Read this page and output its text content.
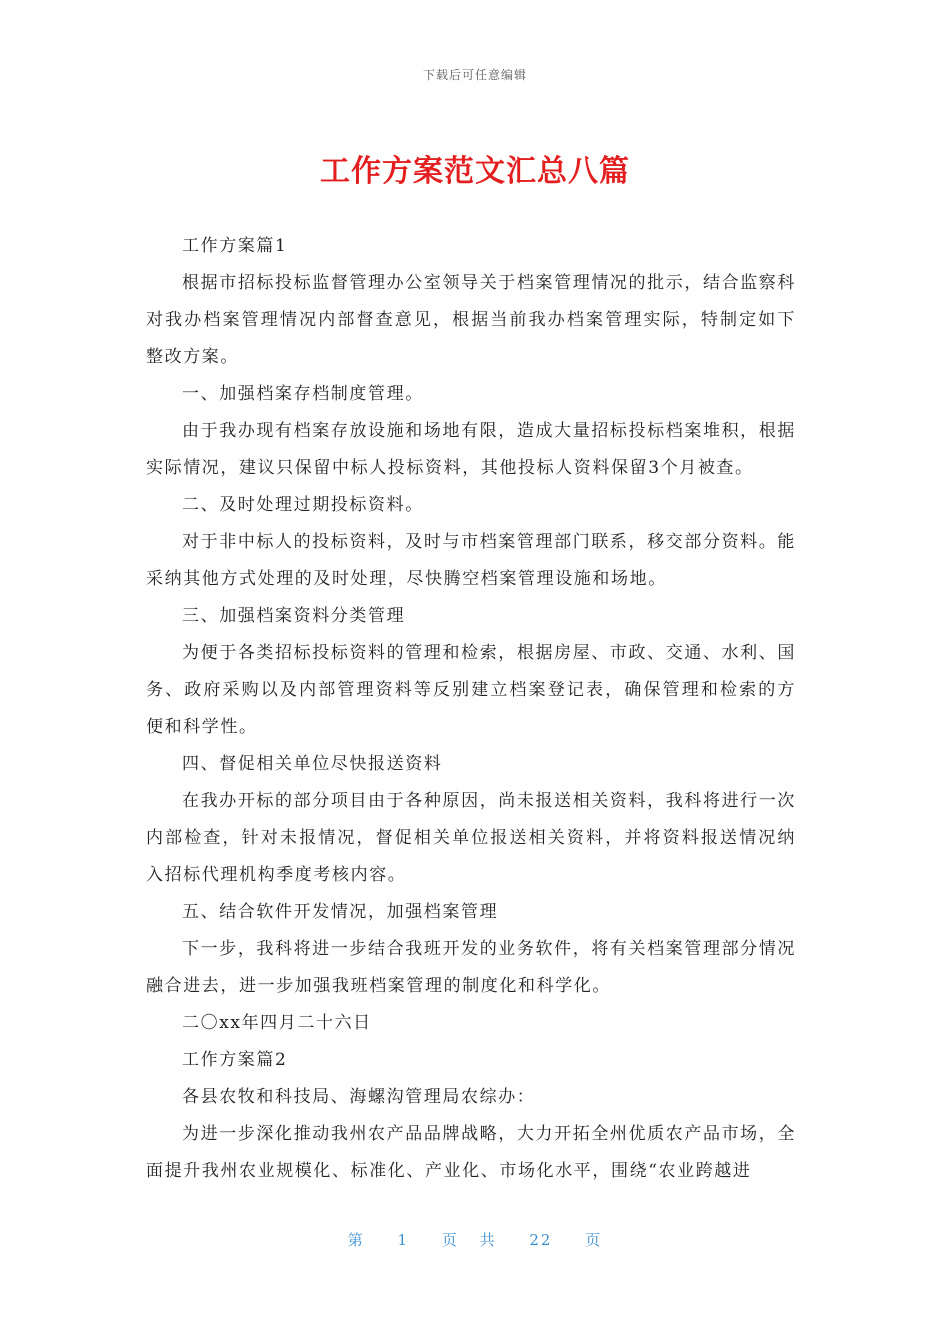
下载后可任意编辑
工作方案范文汇总八篇

工作方案篇1

根据市招标投标监督管理办公室领导关于档案管理情况的批示，结合监察科对我办档案管理情况内部督查意见，根据当前我办档案管理实际，特制定如下整改方案。

一、加强档案存档制度管理。

由于我办现有档案存放设施和场地有限，造成大量招标投标档案堆积，根据实际情况，建议只保留中标人投标资料，其他投标人资料保留3个月被查。

二、及时处理过期投标资料。

对于非中标人的投标资料，及时与市档案管理部门联系，移交部分资料。能采纳其他方式处理的及时处理，尽快腾空档案管理设施和场地。

三、加强档案资料分类管理

为便于各类招标投标资料的管理和检索，根据房屋、市政、交通、水利、国务、政府采购以及内部管理资料等反别建立档案登记表，确保管理和检索的方便和科学性。

四、督促相关单位尽快报送资料

在我办开标的部分项目由于各种原因，尚未报送相关资料，我科将进行一次内部检查，针对未报情况，督促相关单位报送相关资料，并将资料报送情况纳入招标代理机构季度考核内容。

五、结合软件开发情况，加强档案管理

下一步，我科将进一步结合我班开发的业务软件，将有关档案管理部分情况融合进去，进一步加强我班档案管理的制度化和科学化。

二〇xx年四月二十六日

工作方案篇2

各县农牧和科技局、海螺沟管理局农综办：

为进一步深化推动我州农产品品牌战略，大力开拓全州优质农产品市场，全面提升我州农业规模化、标准化、产业化、市场化水平，围绕“农业跨越进

第 1 页 共 22 页
